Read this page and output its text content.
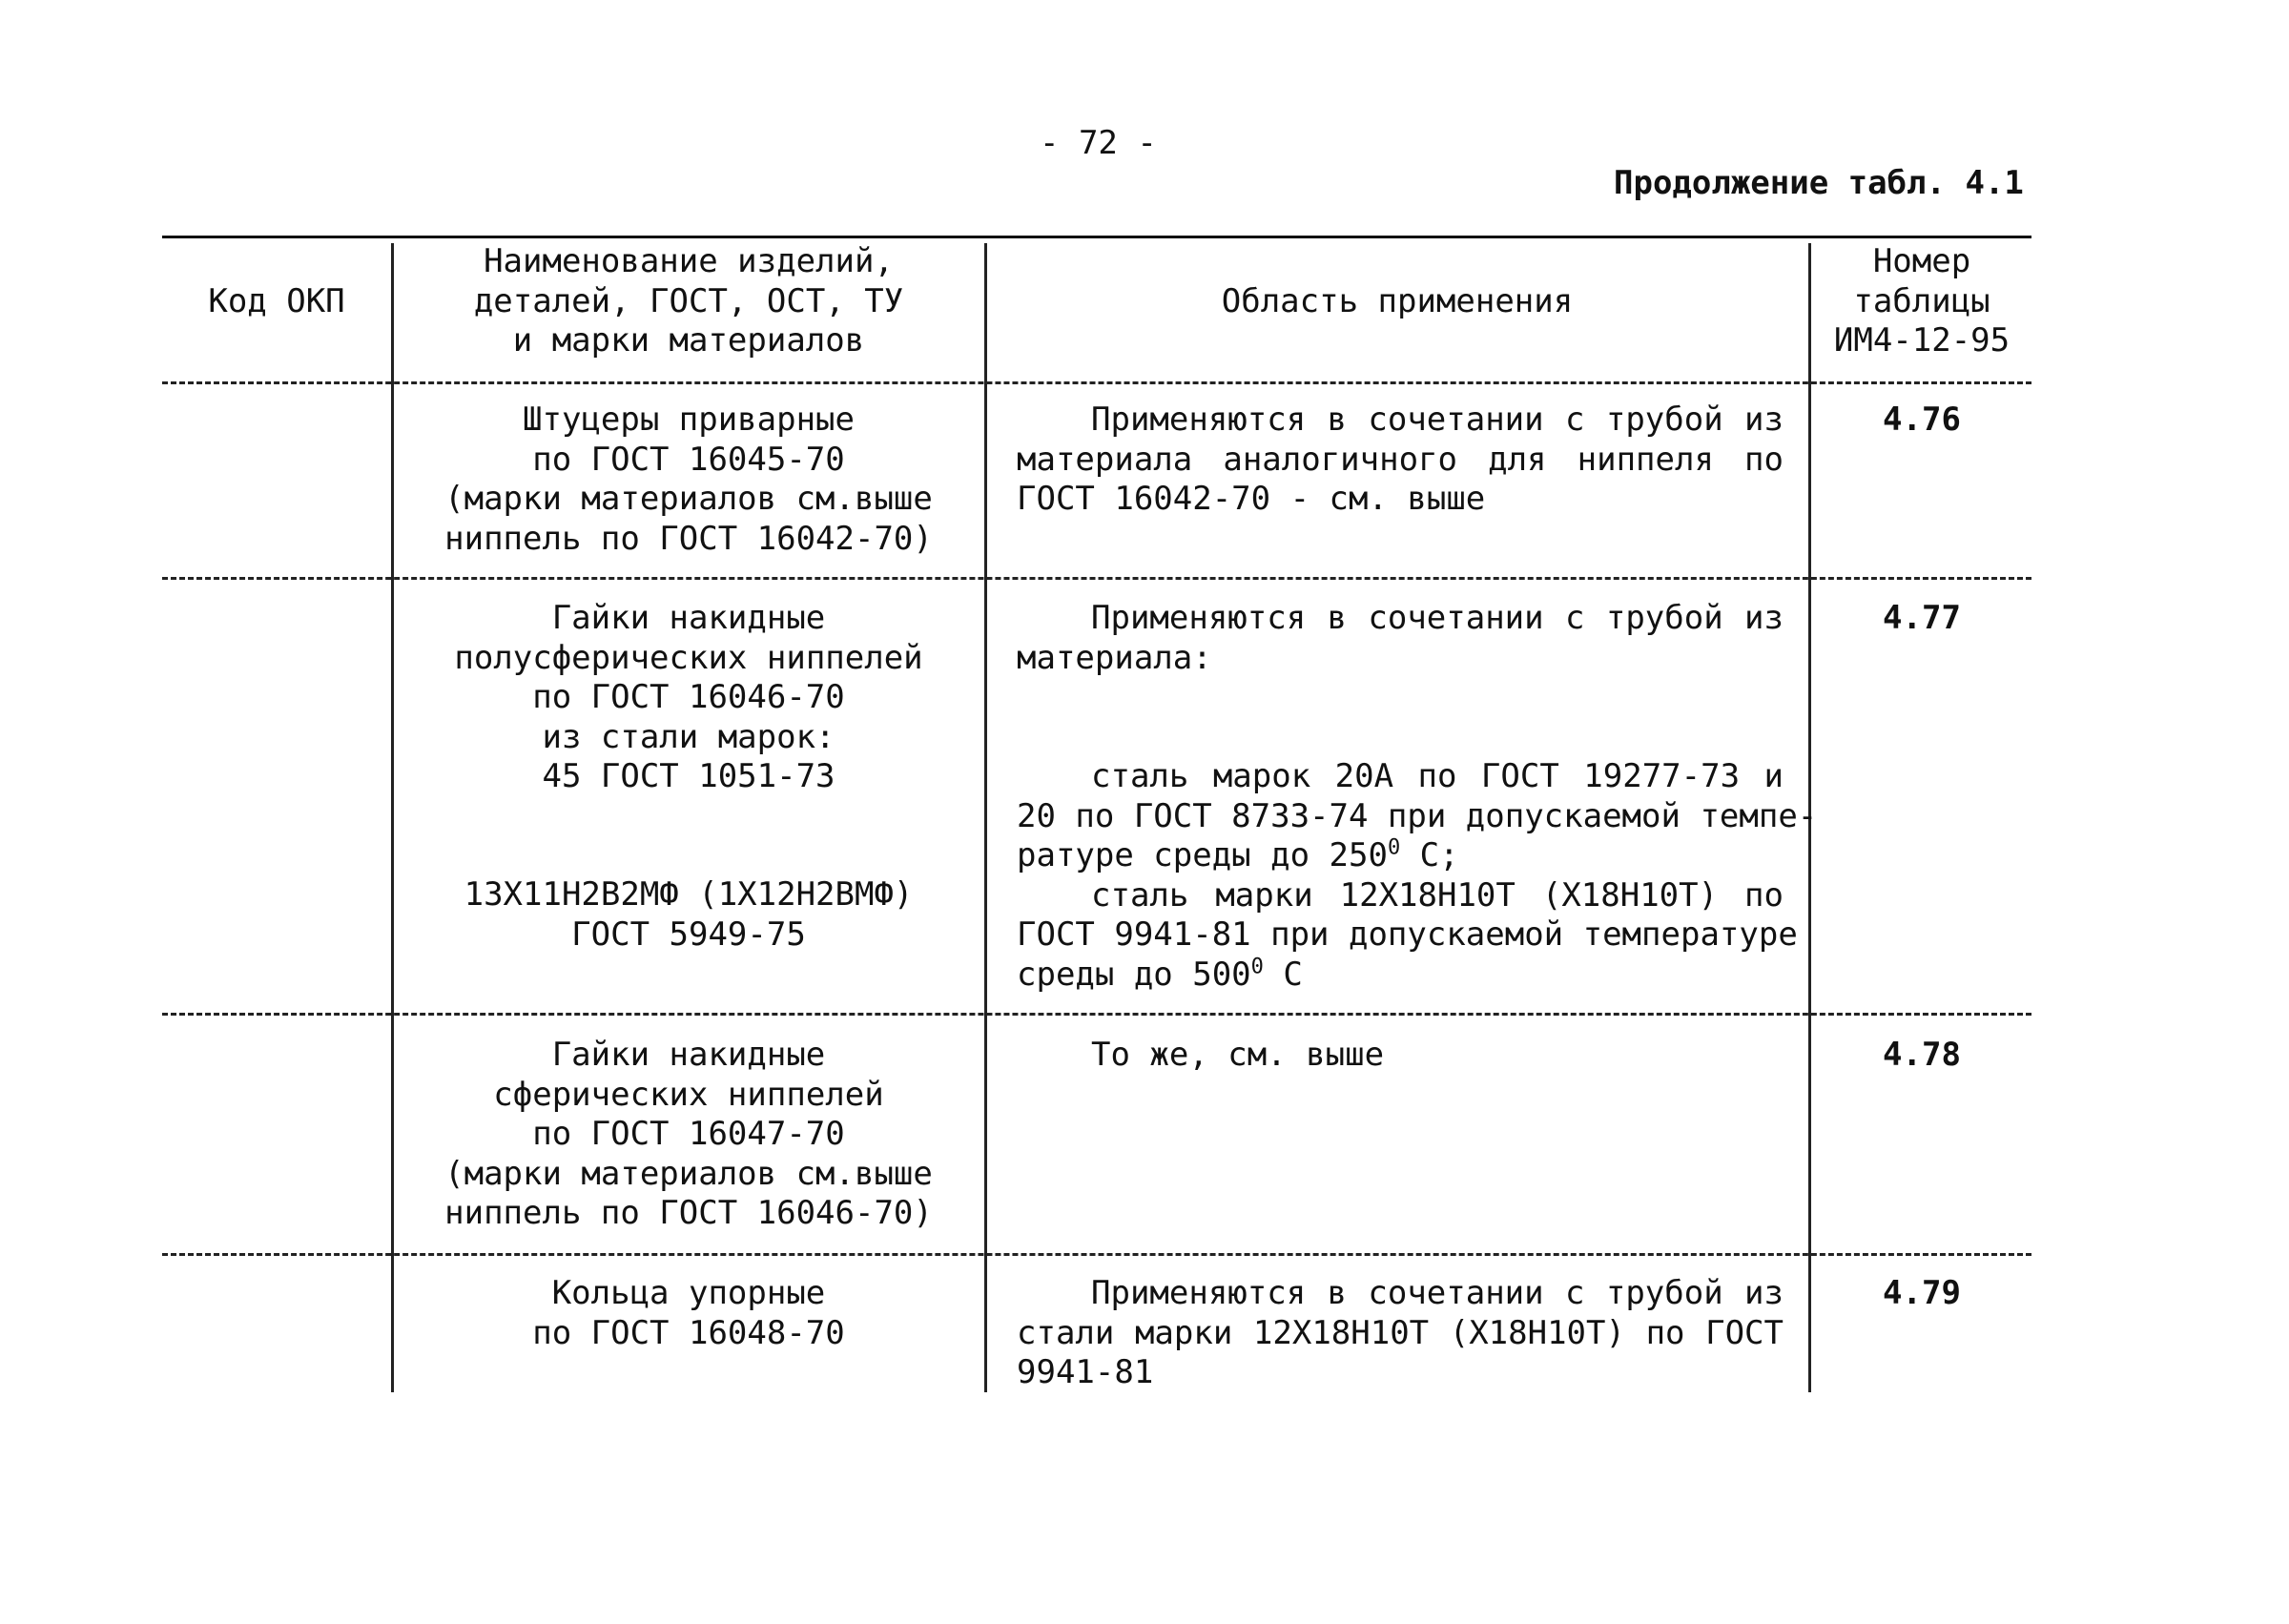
- 72 -
Продолжение табл. 4.1
Код ОКП
Наименование изделий,
деталей, ГОСТ, ОСТ, ТУ
и марки материалов
Область применения
Номер
таблицы
ИМ4-12-95
Штуцеры приварные
по ГОСТ 16045-70
(марки материалов см.выше
ниппель по ГОСТ 16042-70)
Применяются в сочетании с трубой из
материала аналогичного для ниппеля по
ГОСТ 16042-70 - см. выше
4.76
Гайки накидные
полусферических ниппелей
по ГОСТ 16046-70
из стали марок:
45 ГОСТ 1051-73
13Х11Н2В2МФ (1Х12Н2ВМФ)
ГОСТ 5949-75
Применяются в сочетании с трубой из
материала:
сталь марок 20А по ГОСТ 19277-73 и
20 по ГОСТ 8733-74 при допускаемой темпе-
ратуре среды до $250^0$ С;
сталь марки 12Х18Н10Т (Х18Н10Т) по
ГОСТ 9941-81 при допускаемой температуре
среды до $500^0$ С
4.77
Гайки накидные
сферических ниппелей
по ГОСТ 16047-70
(марки материалов см.выше
ниппель по ГОСТ 16046-70)
То же, см. выше	4.78
Кольца упорные
по ГОСТ 16048-70
Применяются в сочетании с трубой из
стали марки 12Х18Н10Т (Х18Н10Т) по ГОСТ
9941-81
4.79
